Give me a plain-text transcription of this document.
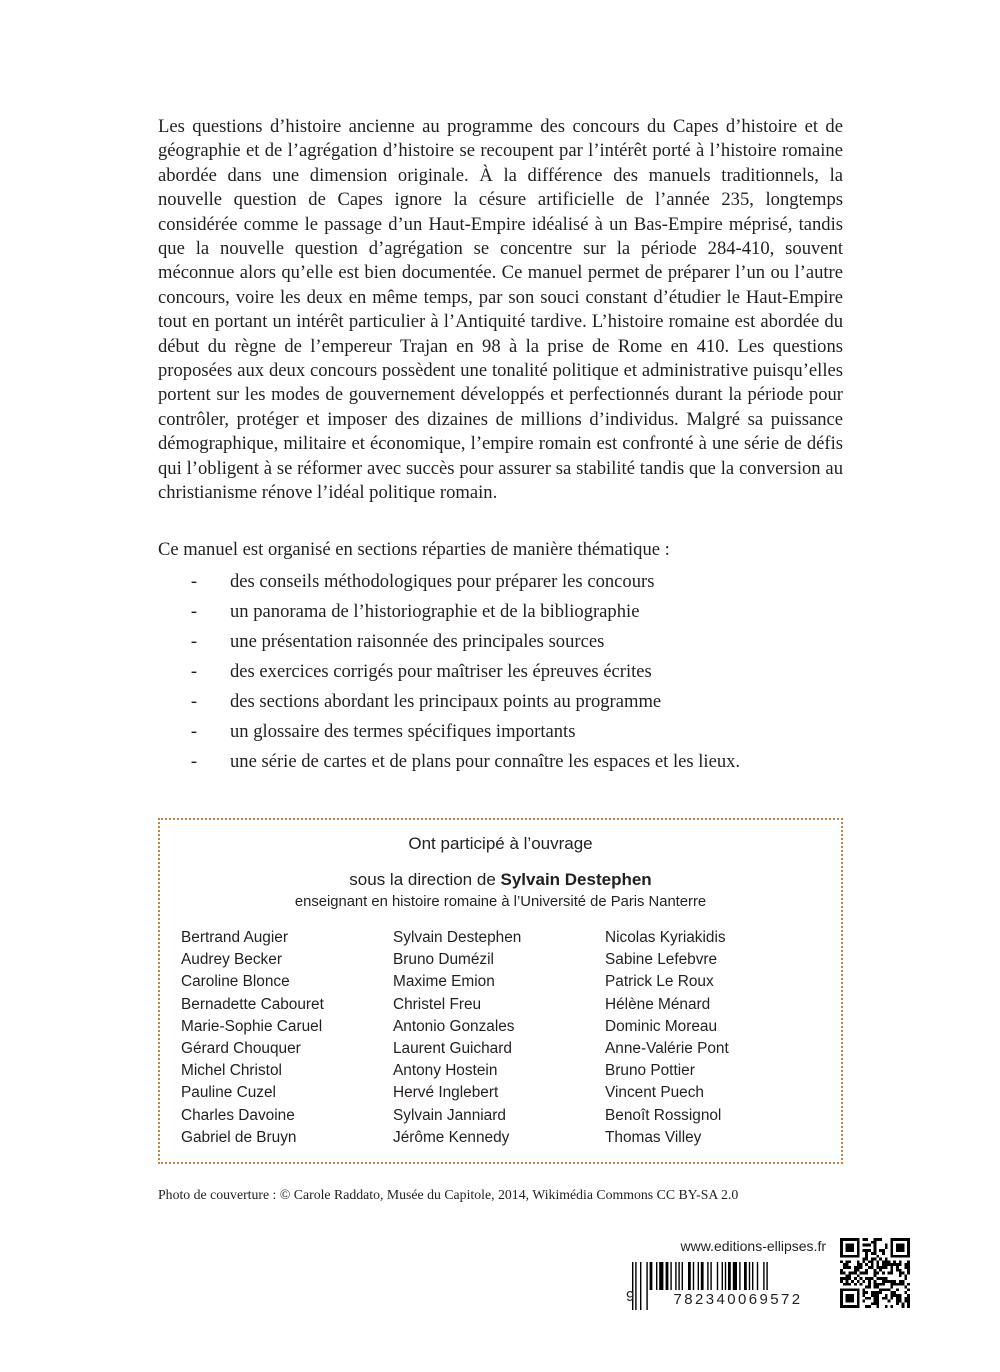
Les questions d’histoire ancienne au programme des concours du Capes d’histoire et de géographie et de l’agrégation d’histoire se recoupent par l’intérêt porté à l’histoire romaine abordée dans une dimension originale. À la différence des manuels traditionnels, la nouvelle question de Capes ignore la césure artificielle de l’année 235, longtemps considérée comme le passage d’un Haut-Empire idéalisé à un Bas-Empire méprisé, tandis que la nouvelle question d’agrégation se concentre sur la période 284-410, souvent méconnue alors qu’elle est bien documentée. Ce manuel permet de préparer l’un ou l’autre concours, voire les deux en même temps, par son souci constant d’étudier le Haut-Empire tout en portant un intérêt particulier à l’Antiquité tardive. L’histoire romaine est abordée du début du règne de l’empereur Trajan en 98 à la prise de Rome en 410. Les questions proposées aux deux concours possèdent une tonalité politique et administrative puisqu’elles portent sur les modes de gouvernement développés et perfectionnés durant la période pour contrôler, protéger et imposer des dizaines de millions d’individus. Malgré sa puissance démographique, militaire et économique, l’empire romain est confronté à une série de défis qui l’obligent à se réformer avec succès pour assurer sa stabilité tandis que la conversion au christianisme rénove l’idéal politique romain.

Ce manuel est organisé en sections réparties de manière thématique :

- des conseils méthodologiques pour préparer les concours
- un panorama de l’historiographie et de la bibliographie
- une présentation raisonnée des principales sources
- des exercices corrigés pour maîtriser les épreuves écrites
- des sections abordant les principaux points au programme
- un glossaire des termes spécifiques importants
- une série de cartes et de plans pour connaître les espaces et les lieux.
Ont participé à l’ouvrage
sous la direction de Sylvain Destephen
enseignant en histoire romaine à l’Université de Paris Nanterre
Bertrand Augier
Audrey Becker
Caroline Blonce
Bernadette Cabouret
Marie-Sophie Caruel
Gérard Chouquer
Michel Christol
Pauline Cuzel
Charles Davoine
Gabriel de Bruyn
Sylvain Destephen
Bruno Dumézil
Maxime Emion
Christel Freu
Antonio Gonzales
Laurent Guichard
Antony Hostein
Hervé Inglebert
Sylvain Janniard
Jérôme Kennedy
Nicolas Kyriakidis
Sabine Lefebvre
Patrick Le Roux
Hélène Ménard
Dominic Moreau
Anne-Valérie Pont
Bruno Pottier
Vincent Puech
Benoît Rossignol
Thomas Villey
Photo de couverture : © Carole Raddato, Musée du Capitole, 2014, Wikimédia Commons CC BY-SA 2.0
www.editions-ellipses.fr
9	782340069572
